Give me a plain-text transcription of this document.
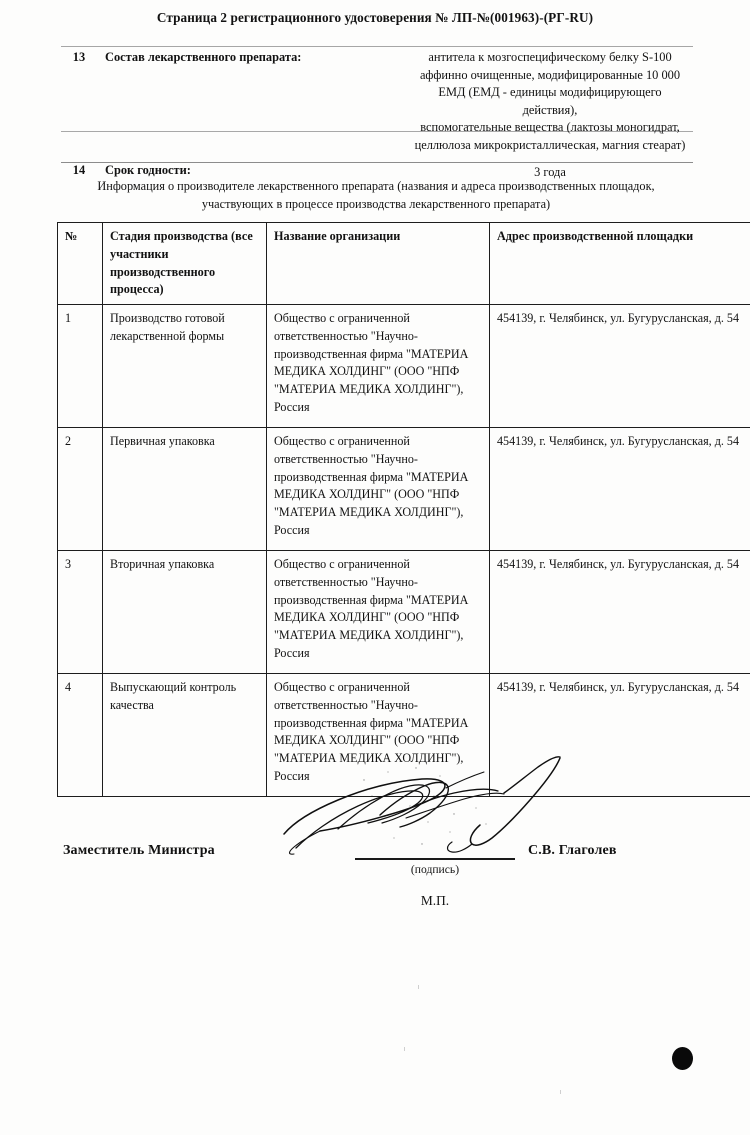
Страница 2 регистрационного удостоверения № ЛП-№(001963)-(РГ-RU)
13	Состав лекарственного препарата:	антитела к мозгоспецифическому белку S-100
аффинно очищенные, модифицированные 10 000
ЕМД (ЕМД - единицы модифицирующего действия),
вспомогательные вещества (лактозы моногидрат,
целлюлоза микрокристаллическая, магния стеарат)

14	Срок годности:	3 года
Информация о производителе лекарственного препарата (названия и адреса производственных площадок,
участвующих в процессе производства лекарственного препарата)
№	Стадия производства (все участники производственного процесса)	Название организации	Адрес производственной площадки
1	Производство готовой лекарственной формы	Общество с ограниченной ответственностью "Научно-производственная фирма "МАТЕРИА МЕДИКА ХОЛДИНГ" (ООО "НПФ "МАТЕРИА МЕДИКА ХОЛДИНГ"), Россия	454139, г. Челябинск, ул. Бугурусланская, д. 54
2	Первичная упаковка	Общество с ограниченной ответственностью "Научно-производственная фирма "МАТЕРИА МЕДИКА ХОЛДИНГ" (ООО "НПФ "МАТЕРИА МЕДИКА ХОЛДИНГ"), Россия	454139, г. Челябинск, ул. Бугурусланская, д. 54
3	Вторичная упаковка	Общество с ограниченной ответственностью "Научно-производственная фирма "МАТЕРИА МЕДИКА ХОЛДИНГ" (ООО "НПФ "МАТЕРИА МЕДИКА ХОЛДИНГ"), Россия	454139, г. Челябинск, ул. Бугурусланская, д. 54
4	Выпускающий контроль качества	Общество с ограниченной ответственностью "Научно-производственная фирма "МАТЕРИА МЕДИКА ХОЛДИНГ" (ООО "НПФ "МАТЕРИА МЕДИКА ХОЛДИНГ"), Россия	454139, г. Челябинск, ул. Бугурусланская, д. 54
Заместитель Министра	С.В. Глаголев
(подпись)
М.П.
